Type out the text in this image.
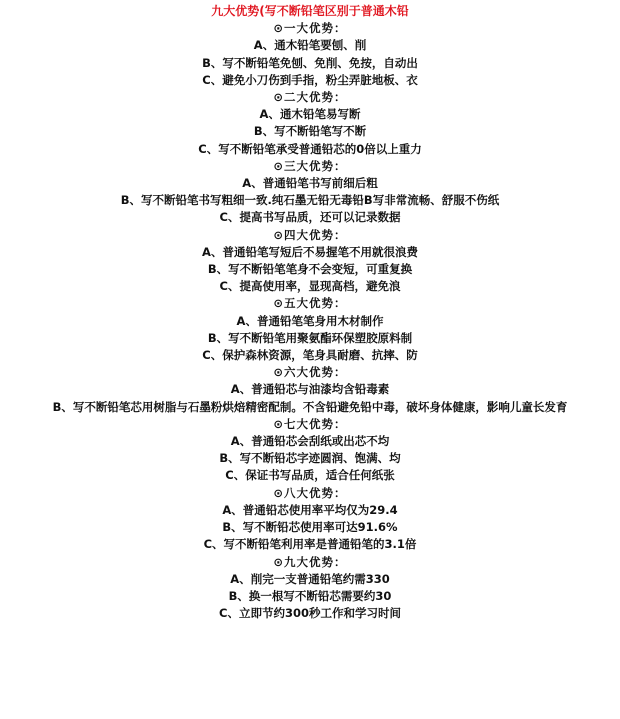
九大优势(写不断铅笔区别于普通木铅
⊙一大优势：
A、通木铅笔要刨、削
B、写不断铅笔免刨、免削、免按，自动出
C、避免小刀伤到手指，粉尘弄脏地板、衣
⊙二大优势：
A、通木铅笔易写断
B、写不断铅笔写不断
C、写不断铅笔承受普通铅芯的0倍以上重力
⊙三大优势：
A、普通铅笔书写前细后粗
B、写不断铅笔书写粗细一致.纯石墨无铅无毒铅B写非常流畅、舒服不伤纸
C、提高书写品质，还可以记录数据
⊙四大优势：
A、普通铅笔写短后不易握笔不用就很浪费
B、写不断铅笔笔身不会变短，可重复换
C、提高使用率，显现高档，避免浪
⊙五大优势：
A、普通铅笔笔身用木材制作
B、写不断铅笔用聚氨酯环保塑胶原料制
C、保护森林资源，笔身具耐磨、抗摔、防
⊙六大优势：
A、普通铅芯与油漆均含铅毒素
B、写不断铅笔芯用树脂与石墨粉烘焙精密配制。不含铅避免铅中毒，破坏身体健康，影响儿童长发育
⊙七大优势：
A、普通铅芯会刮纸或出芯不均
B、写不断铅芯字迹圆润、饱满、均
C、保证书写品质，适合任何纸张
⊙八大优势：
A、普通铅芯使用率平均仅为29.4
B、写不断铅芯使用率可达91.6%
C、写不断铅笔利用率是普通铅笔的3.1倍
⊙九大优势：
A、削完一支普通铅笔约需330
B、换一根写不断铅芯需要约30
C、立即节约300秒工作和学习时间
